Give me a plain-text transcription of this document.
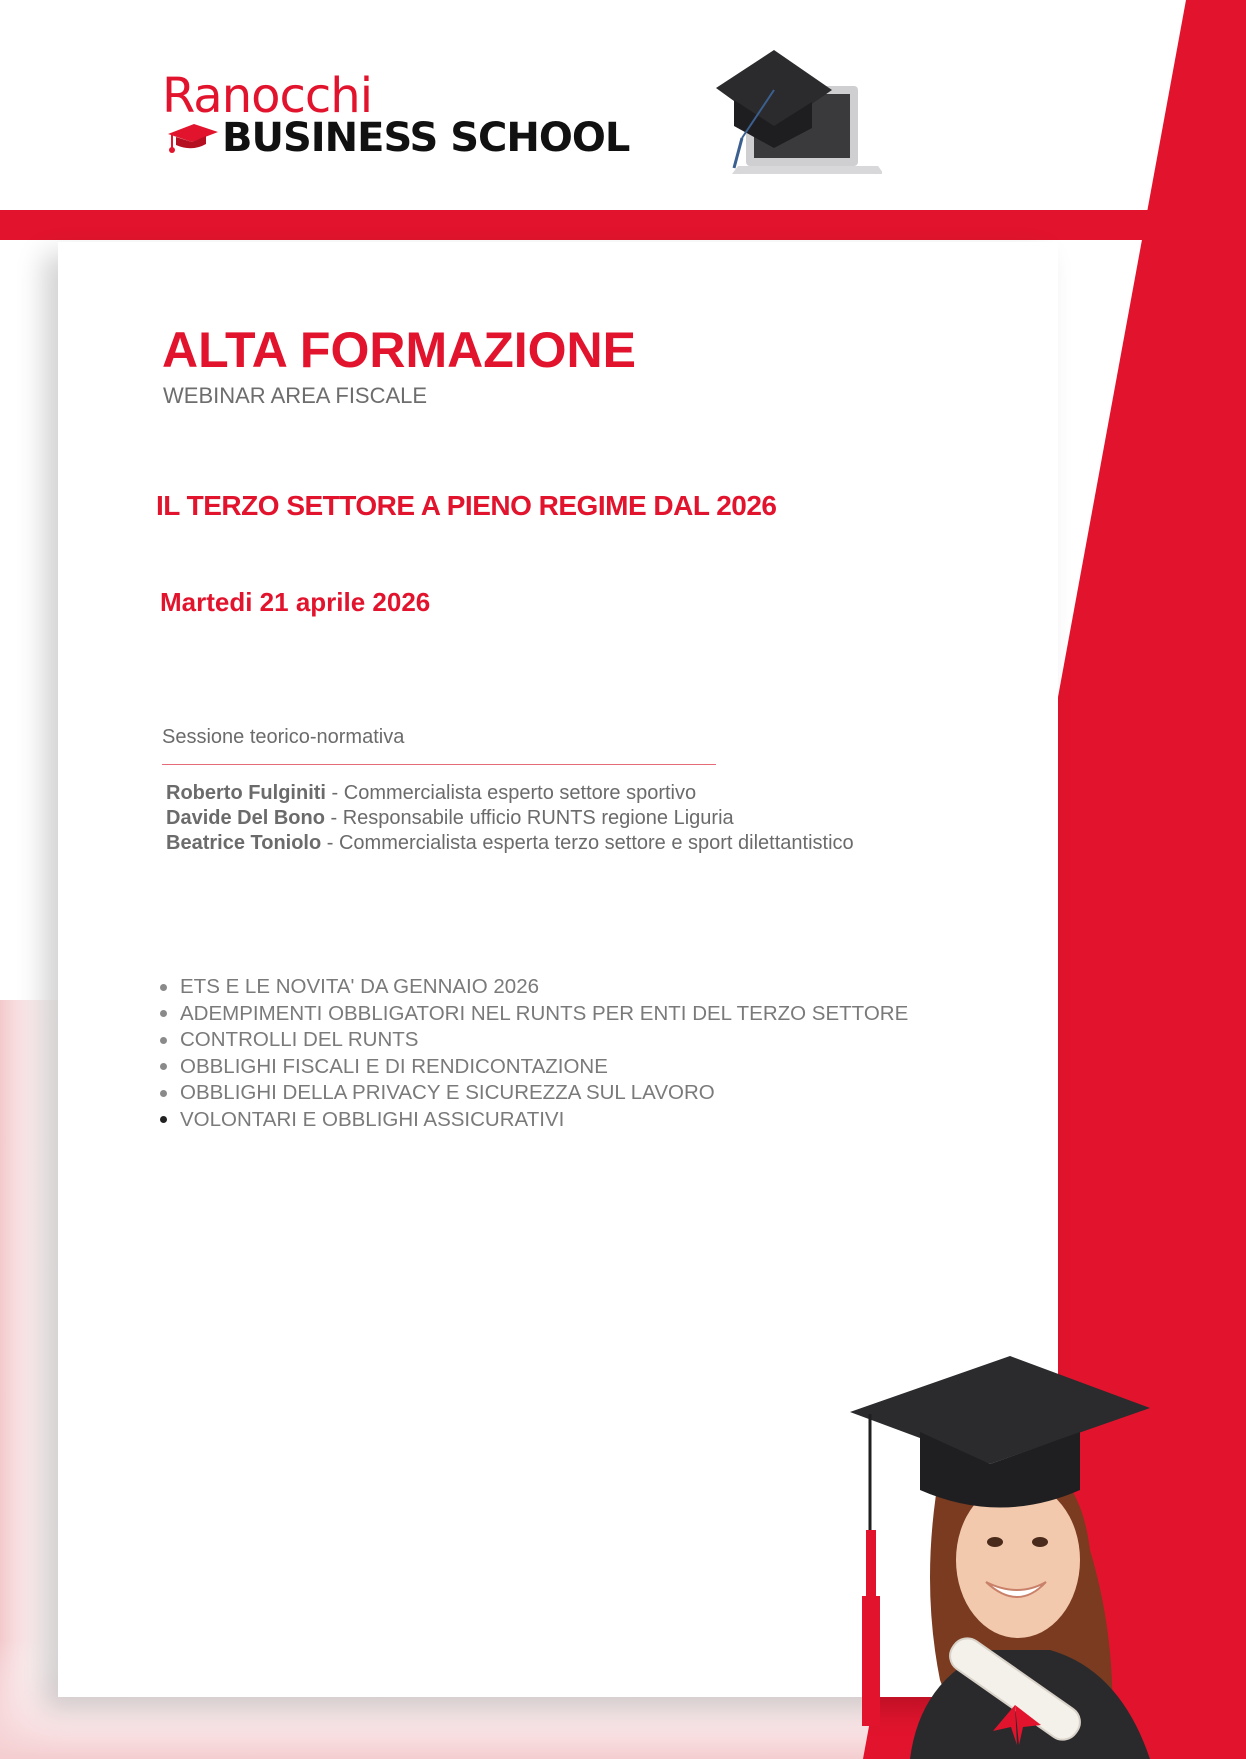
Ranocchi
BUSINESS SCHOOL
ALTA FORMAZIONE
WEBINAR AREA FISCALE
IL TERZO SETTORE A PIENO REGIME DAL 2026
Martedi 21 aprile 2026
Sessione teorico-normativa
Roberto Fulginiti - Commercialista esperto settore sportivo
Davide Del Bono - Responsabile ufficio RUNTS regione Liguria
Beatrice Toniolo - Commercialista esperta terzo settore e sport dilettantistico
ETS E LE NOVITA' DA GENNAIO 2026
ADEMPIMENTI OBBLIGATORI NEL RUNTS PER ENTI DEL TERZO SETTORE
CONTROLLI DEL RUNTS
OBBLIGHI FISCALI E DI RENDICONTAZIONE
OBBLIGHI DELLA PRIVACY E SICUREZZA SUL LAVORO
VOLONTARI E OBBLIGHI ASSICURATIVI
